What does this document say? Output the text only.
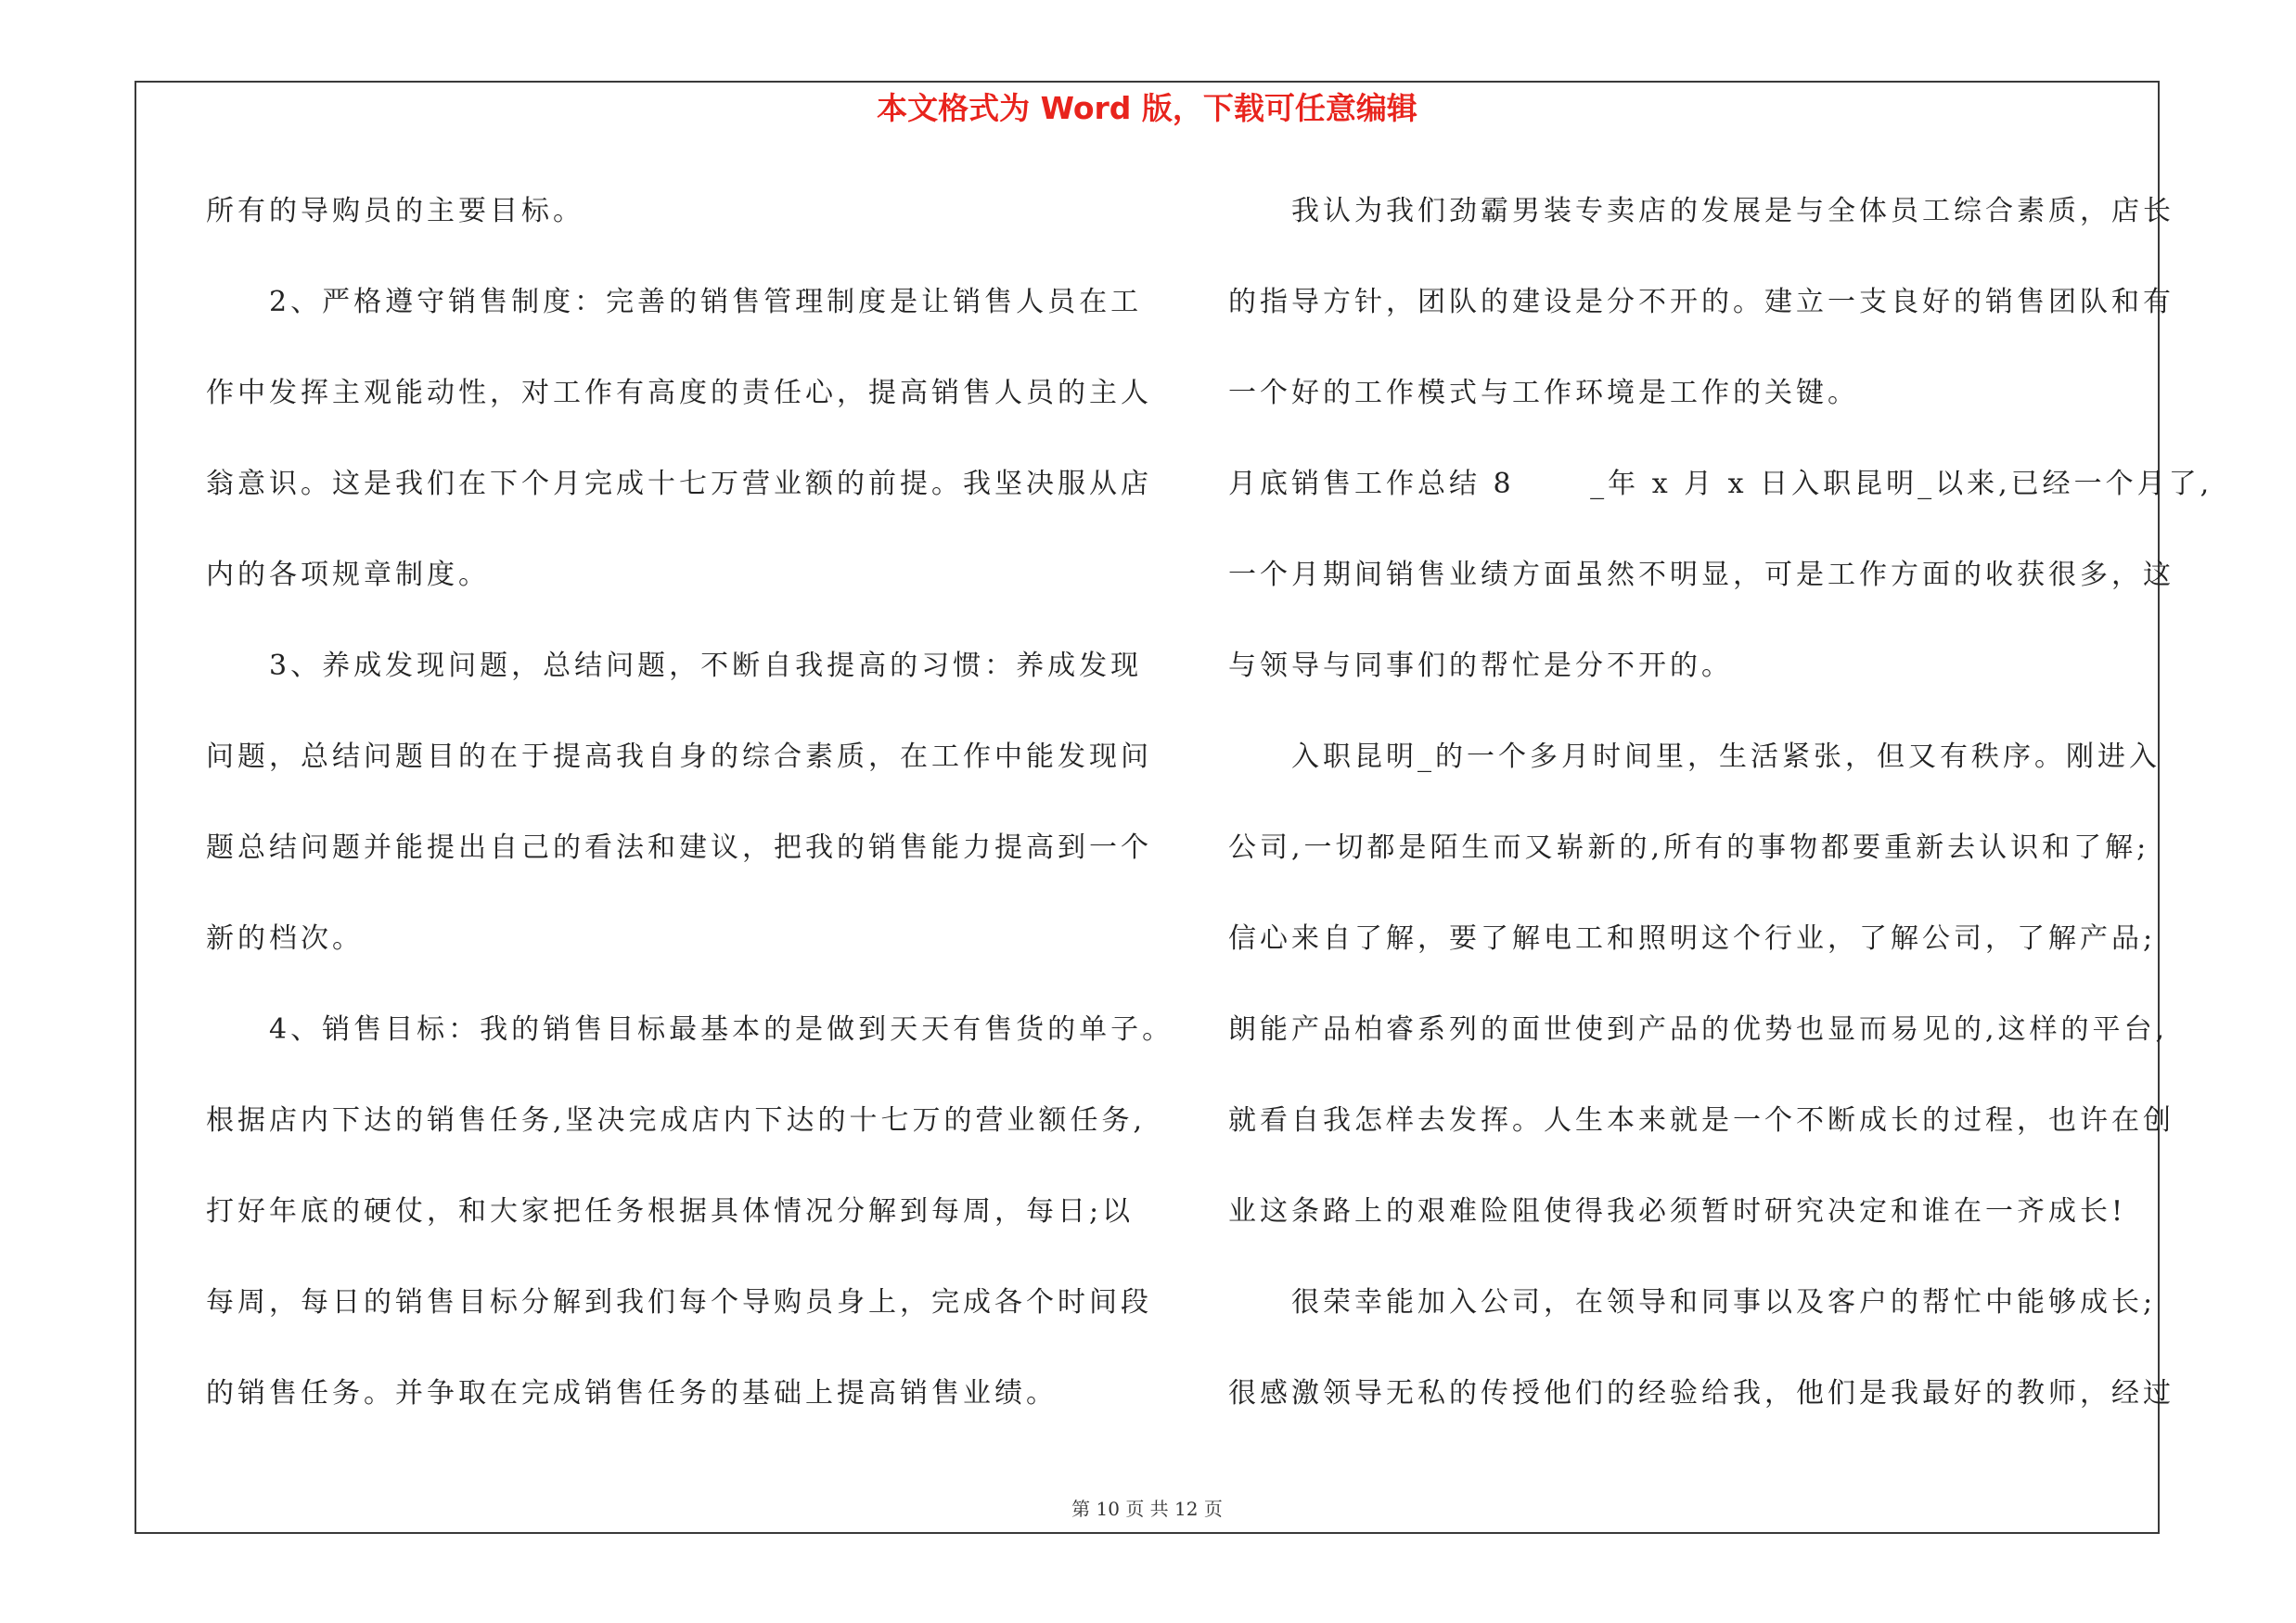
本文格式为 Word 版，下载可任意编辑
所有的导购员的主要目标。
　　2、严格遵守销售制度：完善的销售管理制度是让销售人员在工
作中发挥主观能动性，对工作有高度的责任心，提高销售人员的主人
翁意识。这是我们在下个月完成十七万营业额的前提。我坚决服从店
内的各项规章制度。
　　3、养成发现问题，总结问题，不断自我提高的习惯：养成发现
问题，总结问题目的在于提高我自身的综合素质，在工作中能发现问
题总结问题并能提出自己的看法和建议，把我的销售能力提高到一个
新的档次。
　　4、销售目标：我的销售目标最基本的是做到天天有售货的单子。
根据店内下达的销售任务,坚决完成店内下达的十七万的营业额任务,
打好年底的硬仗，和大家把任务根据具体情况分解到每周，每日;以
每周，每日的销售目标分解到我们每个导购员身上，完成各个时间段
的销售任务。并争取在完成销售任务的基础上提高销售业绩。
　　我认为我们劲霸男装专卖店的发展是与全体员工综合素质，店长
的指导方针，团队的建设是分不开的。建立一支良好的销售团队和有
一个好的工作模式与工作环境是工作的关键。
月底销售工作总结 8　　 _年 x 月 x 日入职昆明_以来,已经一个月了,
一个月期间销售业绩方面虽然不明显，可是工作方面的收获很多，这
与领导与同事们的帮忙是分不开的。
　　入职昆明_的一个多月时间里，生活紧张，但又有秩序。刚进入
公司,一切都是陌生而又崭新的,所有的事物都要重新去认识和了解;
信心来自了解，要了解电工和照明这个行业，了解公司，了解产品;
朗能产品柏睿系列的面世使到产品的优势也显而易见的,这样的平台,
就看自我怎样去发挥。人生本来就是一个不断成长的过程，也许在创
业这条路上的艰难险阻使得我必须暂时研究决定和谁在一齐成长!
　　很荣幸能加入公司，在领导和同事以及客户的帮忙中能够成长;
很感激领导无私的传授他们的经验给我，他们是我最好的教师，经过
第 10 页 共 12 页
